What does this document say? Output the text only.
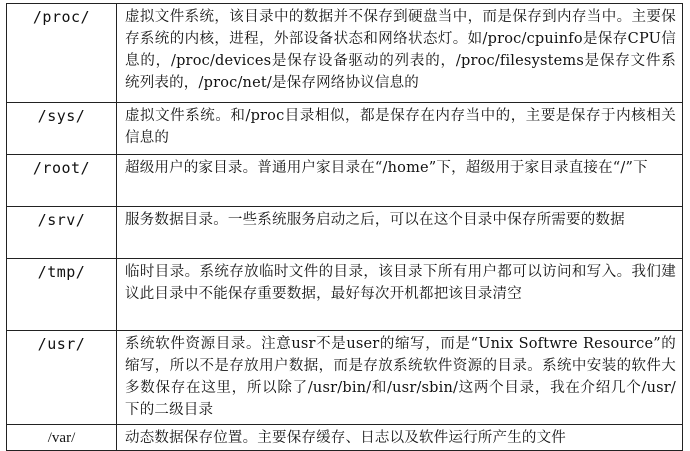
/proc/	虚拟文件系统，该目录中的数据并不保存到硬盘当中，而是保存到内存当中。主要保存系统的内核，进程，外部设备状态和网络状态灯。如/proc/cpuinfo是保存CPU信息的，/proc/devices是保存设备驱动的列表的，/proc/filesystems是保存文件系统列表的，/proc/net/是保存网络协议信息的
/sys/	虚拟文件系统。和/proc目录相似，都是保存在内存当中的，主要是保存于内核相关信息的
/root/	超级用户的家目录。普通用户家目录在“/home”下，超级用于家目录直接在“/”下
/srv/	服务数据目录。一些系统服务启动之后，可以在这个目录中保存所需要的数据
/tmp/	临时目录。系统存放临时文件的目录，该目录下所有用户都可以访问和写入。我们建议此目录中不能保存重要数据，最好每次开机都把该目录清空
/usr/	系统软件资源目录。注意usr不是user的缩写，而是“Unix Softwre Resource”的缩写，所以不是存放用户数据，而是存放系统软件资源的目录。系统中安装的软件大多数保存在这里，所以除了/usr/bin/和/usr/sbin/这两个目录，我在介绍几个/usr/下的二级目录
/var/	动态数据保存位置。主要保存缓存、日志以及软件运行所产生的文件
